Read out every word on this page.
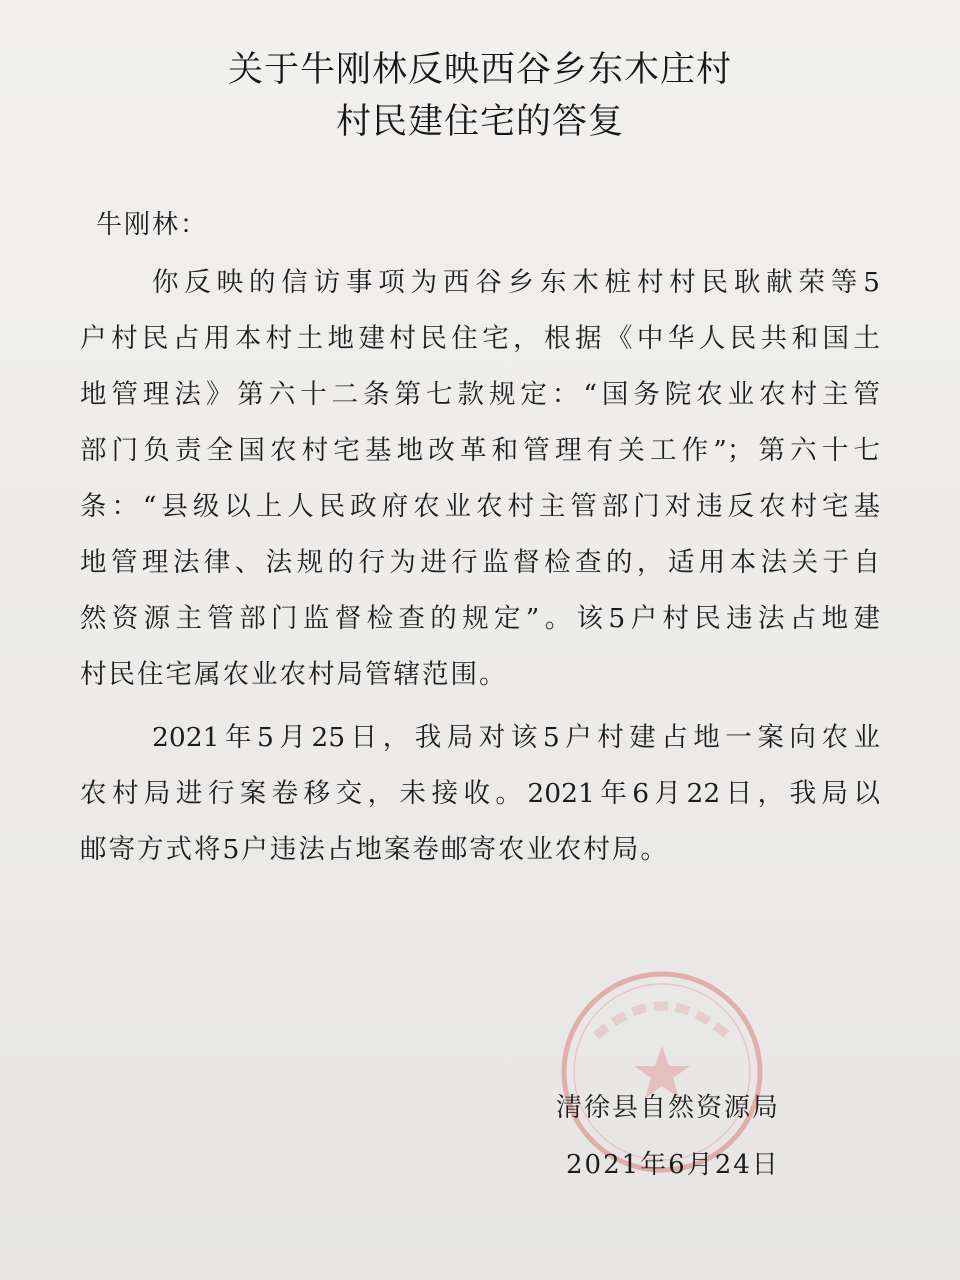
关于牛刚林反映西谷乡东木庄村
村民建住宅的答复
牛刚林：
你反映的信访事项为西谷乡东木桩村村民耿献荣等5
户村民占用本村土地建村民住宅，根据《中华人民共和国土
地管理法》第六十二条第七款规定：“国务院农业农村主管
部门负责全国农村宅基地改革和管理有关工作”；第六十七
条：“县级以上人民政府农业农村主管部门对违反农村宅基
地管理法律、法规的行为进行监督检查的，适用本法关于自
然资源主管部门监督检查的规定”。该5户村民违法占地建
村民住宅属农业农村局管辖范围。
2021年5月25日，我局对该5户村建占地一案向农业
农村局进行案卷移交，未接收。2021年6月22日，我局以
邮寄方式将5户违法占地案卷邮寄农业农村局。
清徐县自然资源局
2021年6月24日
